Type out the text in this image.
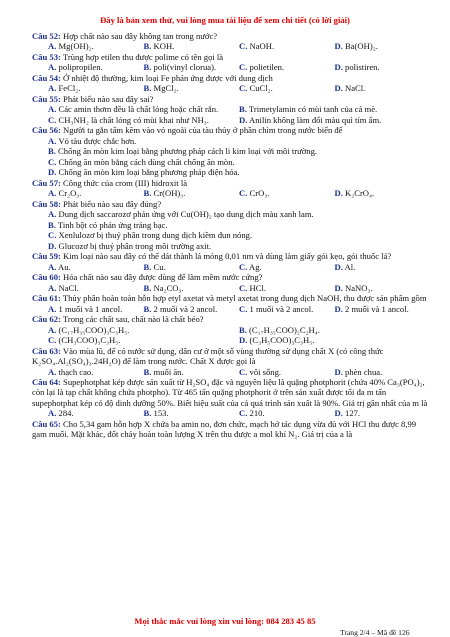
Đây là bản xem thử, vui lòng mua tài liệu để xem chi tiết (có lời giải)

Câu 52: Hợp chất nào sau đây không tan trong nước?

A. Mg(OH)₂.	B. KOH.	C. NaOH.	D. Ba(OH)₂.

Câu 53: Trùng hợp etilen thu được polime có tên gọi là

A. polipropilen.	B. poli(vinyl clorua).	C. polietilen.	D. polistiren.

Câu 54: Ở nhiệt độ thường, kim loại Fe phản ứng được với dung dịch

A. FeCl₂.	B. MgCl₂.	C. CuCl₂.	D. NaCl.

Câu 55: Phát biểu nào sau đây sai?

A. Các amin thơm đều là chất lỏng hoặc chất rắn.	B. Trimetylamin có mùi tanh của cá mè.
C. CH₃NH₂ là chất lỏng có mùi khai như NH₃.	D. Anilin không làm đổi màu quì tím ẩm.

Câu 56: Người ta gắn tấm kẽm vào vỏ ngoài của tàu thủy ở phần chìm trong nước biển để

A. Vỏ tàu được chắc hơn.
B. Chống ăn mòn kim loại bằng phương pháp cách li kim loại với môi trường.
C. Chống ăn mòn bằng cách dùng chất chống ăn mòn.
D. Chống ăn mòn kim loại bằng phương pháp điện hóa.

Câu 57: Công thức của crom (III) hidroxit là

A. Cr₂O₃.	B. Cr(OH)₃.	C. CrO₃.	D. K₂CrO₄.

Câu 58: Phát biểu nào sau đây đúng?

A. Dung dịch saccarozơ phản ứng với Cu(OH)₂ tạo dung dịch màu xanh lam.
B. Tinh bột có phản ứng tráng bạc.
C. Xenlulozơ bị thuỷ phân trong dung dịch kiềm đun nóng.
D. Glucozơ bị thuỷ phân trong môi trường axit.

Câu 59: Kim loại nào sau đây có thể dát thành lá mỏng 0,01 nm và dùng làm giấy gói kẹo, gói thuốc lá?

A. Au.	B. Cu.	C. Ag.	D. Al.

Câu 60: Hóa chất nào sau đây được dùng để làm mềm nước cứng?

A. NaCl.	B. Na₂CO₃.	C. HCl.	D. NaNO₃.

Câu 61: Thủy phân hoàn toàn hỗn hợp etyl axetat và metyl axetat trong dung dịch NaOH, thu được sản phẩm gồm

A. 1 muối và 1 ancol.	B. 2 muối và 2 ancol.	C. 1 muối và 2 ancol.	D. 2 muối và 1 ancol.

Câu 62: Trong các chất sau, chất nào là chất béo?

A. (C₁₇H₃₅COO)₃C₃H₅.	B. (C₁₇H₃₅COO)₂C₂H₄.
C. (CH₃COO)₃C₃H₅.	D. (C₃H₅COO)₃C₃H₅.

Câu 63: Vào mùa lũ, để có nước sử dụng, dân cư ở một số vùng thường sử dụng chất X (có công thức K₂SO₄.Al₂(SO₄)₃.24H₂O) để làm trong nước. Chất X được gọi là

A. thạch cao.	B. muối ăn.	C. vôi sống.	D. phèn chua.

Câu 64: Supephotphat kép được sản xuất từ H₂SO₄ đặc và nguyên liệu là quặng photphorit (chứa 40% Ca₃(PO₄)₂, còn lại là tạp chất không chứa photpho). Từ 465 tấn quặng photphorit ở trên sản xuất được tối đa m tấn supephotphat kép có độ dinh dưỡng 50%. Biết hiệu suất của cả quá trình sản xuất là 90%. Giá trị gần nhất của m là

A. 284.	B. 153.	C. 210.	D. 127.

Câu 65: Cho 5,34 gam hỗn hợp X chứa ba amin no, đơn chức, mạch hở tác dụng vừa đủ với HCl thu được 8,99 gam muối. Mặt khác, đốt cháy hoàn toàn lượng X trên thu được a mol khí N₂. Giá trị của a là

Mọi thắc mắc vui lòng xin vui lòng: 084 283 45 85
Trang 2/4 – Mã đề 126
